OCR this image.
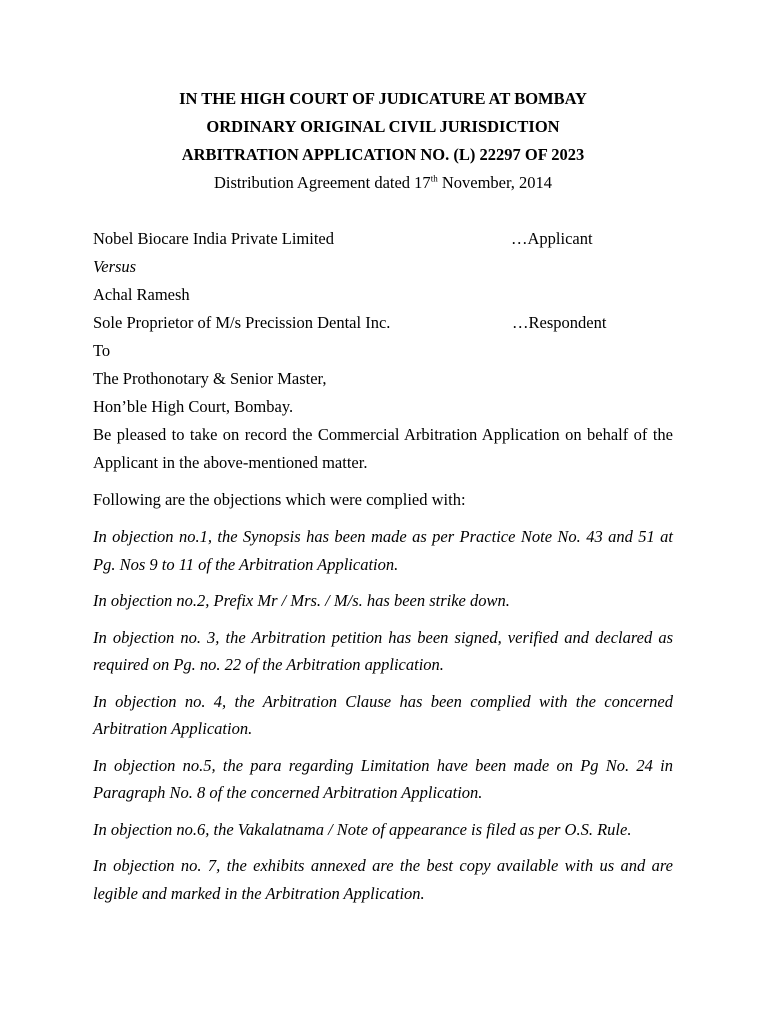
IN THE HIGH COURT OF JUDICATURE AT BOMBAY

ORDINARY ORIGINAL CIVIL JURISDICTION

ARBITRATION APPLICATION NO. (L) 22297 OF 2023

Distribution Agreement dated 17th November, 2014

Nobel Biocare India Private Limited	…Applicant
Versus
Achal Ramesh
Sole Proprietor of M/s Precission Dental Inc.	…Respondent
To
The Prothonotary & Senior Master,
Hon’ble High Court, Bombay.

Be pleased to take on record the Commercial Arbitration Application on behalf of the Applicant in the above-mentioned matter.

Following are the objections which were complied with:

In objection no.1, the Synopsis has been made as per Practice Note No. 43 and 51 at Pg. Nos 9 to 11 of the Arbitration Application.

In objection no.2, Prefix Mr / Mrs. / M/s. has been strike down.

In objection no. 3, the Arbitration petition has been signed, verified and declared as required on Pg. no. 22 of the Arbitration application.

In objection no. 4, the Arbitration Clause has been complied with the concerned Arbitration Application.

In objection no.5, the para regarding Limitation have been made on Pg No. 24 in Paragraph No. 8 of the concerned Arbitration Application.

In objection no.6, the Vakalatnama / Note of appearance is filed as per O.S. Rule.

In objection no. 7, the exhibits annexed are the best copy available with us and are legible and marked in the Arbitration Application.
